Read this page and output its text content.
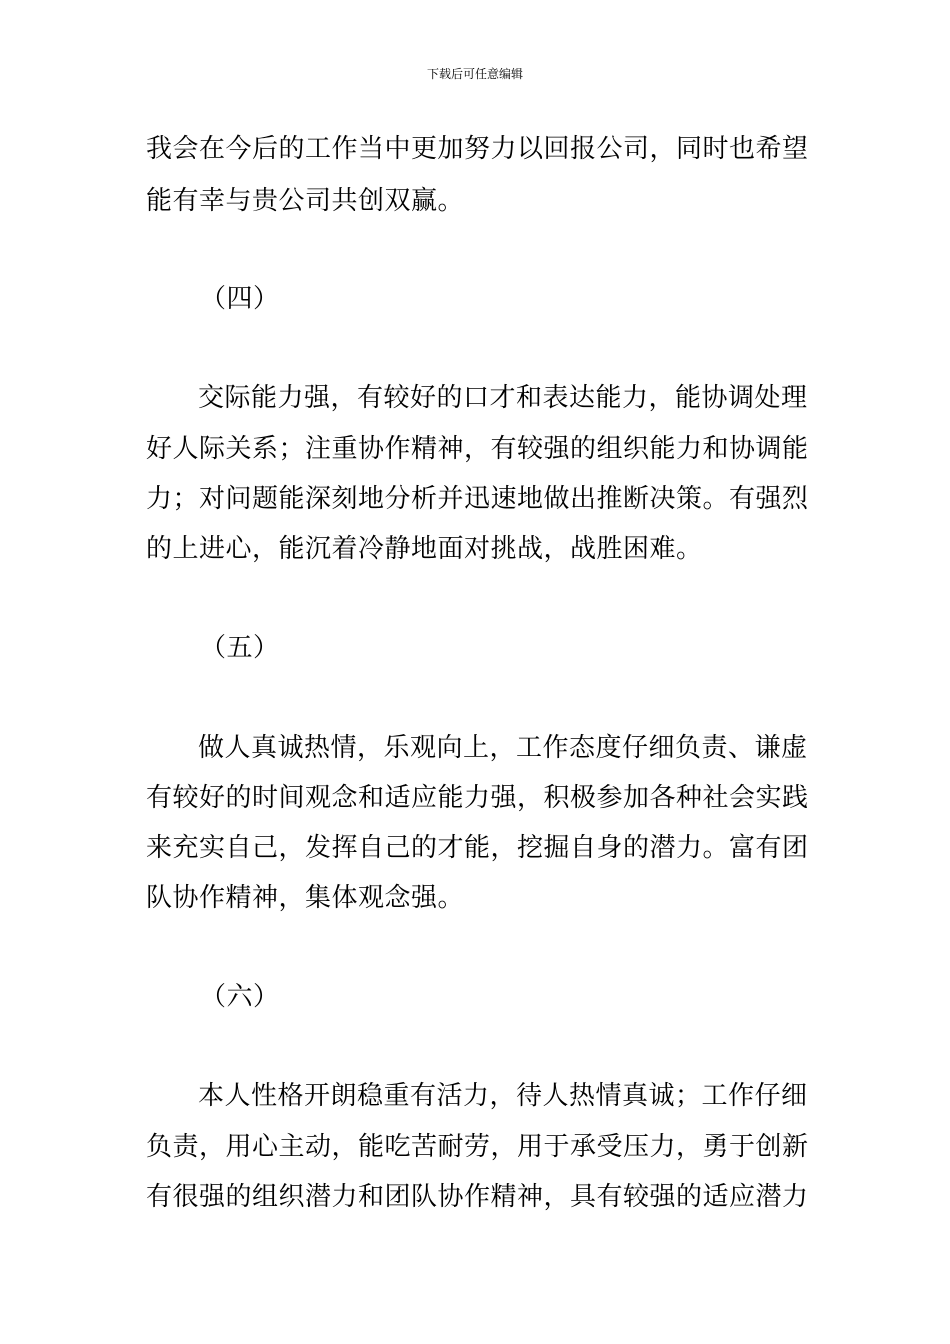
下载后可任意编辑
我会在今后的工作当中更加努力以回报公司，同时也希望
能有幸与贵公司共创双赢。
（四）
交际能力强，有较好的口才和表达能力，能协调处理
好人际关系；注重协作精神，有较强的组织能力和协调能
力；对问题能深刻地分析并迅速地做出推断决策。有强烈
的上进心，能沉着冷静地面对挑战，战胜困难。
（五）
做人真诚热情，乐观向上，工作态度仔细负责、谦虚
有较好的时间观念和适应能力强，积极参加各种社会实践
来充实自己，发挥自己的才能，挖掘自身的潜力。富有团
队协作精神，集体观念强。
（六）
本人性格开朗稳重有活力，待人热情真诚；工作仔细
负责，用心主动，能吃苦耐劳，用于承受压力，勇于创新
有很强的组织潜力和团队协作精神，具有较强的适应潜力
